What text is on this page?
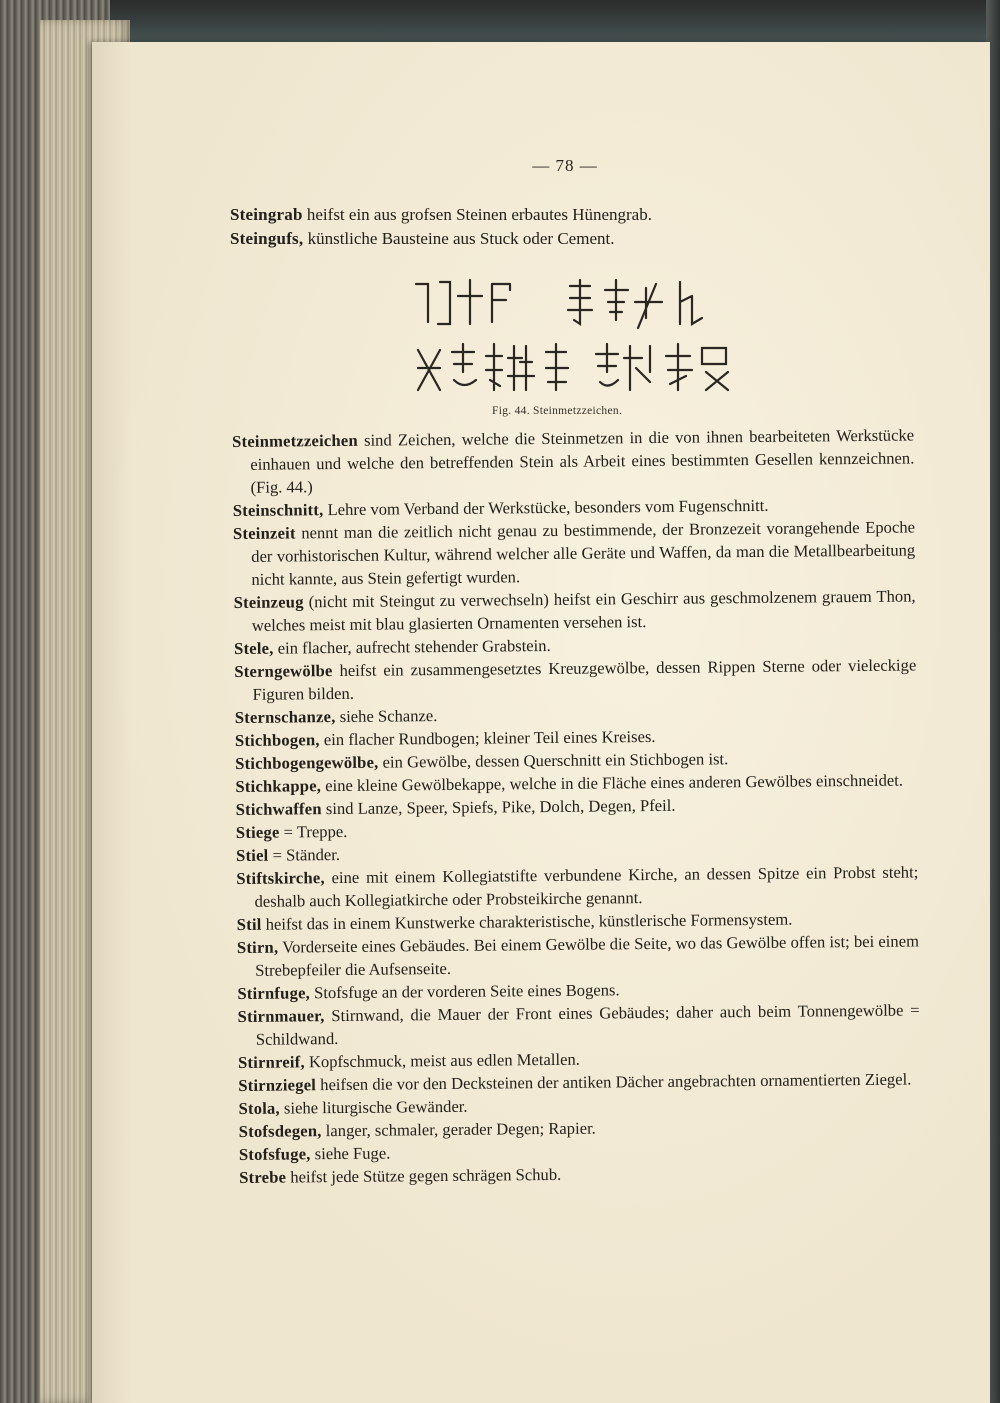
— 78 —

Steingrab heifst ein aus grofsen Steinen erbautes Hünengrab.

Steingufs, künstliche Bausteine aus Stuck oder Cement.

Fig. 44. Steinmetzzeichen.

Steinmetzzeichen sind Zeichen, welche die Steinmetzen in die von ihnen bearbeiteten Werkstücke einhauen und welche den betreffenden Stein als Arbeit eines bestimmten Gesellen kennzeichnen. (Fig. 44.)

Steinschnitt, Lehre vom Verband der Werkstücke, besonders vom Fugenschnitt.

Steinzeit nennt man die zeitlich nicht genau zu bestimmende, der Bronzezeit vorangehende Epoche der vorhistorischen Kultur, während welcher alle Geräte und Waffen, da man die Metallbearbeitung nicht kannte, aus Stein gefertigt wurden.

Steinzeug (nicht mit Steingut zu verwechseln) heifst ein Geschirr aus geschmolzenem grauem Thon, welches meist mit blau glasierten Ornamenten versehen ist.

Stele, ein flacher, aufrecht stehender Grabstein.

Sterngewölbe heifst ein zusammengesetztes Kreuzgewölbe, dessen Rippen Sterne oder vieleckige Figuren bilden.

Sternschanze, siehe Schanze.

Stichbogen, ein flacher Rundbogen; kleiner Teil eines Kreises.

Stichbogengewölbe, ein Gewölbe, dessen Querschnitt ein Stichbogen ist.

Stichkappe, eine kleine Gewölbekappe, welche in die Fläche eines anderen Gewölbes einschneidet.

Stichwaffen sind Lanze, Speer, Spiefs, Pike, Dolch, Degen, Pfeil.

Stiege = Treppe.

Stiel = Ständer.

Stiftskirche, eine mit einem Kollegiatstifte verbundene Kirche, an dessen Spitze ein Probst steht; deshalb auch Kollegiatkirche oder Probsteikirche genannt.

Stil heifst das in einem Kunstwerke charakteristische, künstlerische Formensystem.

Stirn, Vorderseite eines Gebäudes. Bei einem Gewölbe die Seite, wo das Gewölbe offen ist; bei einem Strebepfeiler die Aufsenseite.

Stirnfuge, Stofsfuge an der vorderen Seite eines Bogens.

Stirnmauer, Stirnwand, die Mauer der Front eines Gebäudes; daher auch beim Tonnengewölbe = Schildwand.

Stirnreif, Kopfschmuck, meist aus edlen Metallen.

Stirnziegel heifsen die vor den Decksteinen der antiken Dächer angebrachten ornamentierten Ziegel.

Stola, siehe liturgische Gewänder.

Stofsdegen, langer, schmaler, gerader Degen; Rapier.

Stofsfuge, siehe Fuge.

Strebe heifst jede Stütze gegen schrägen Schub.
